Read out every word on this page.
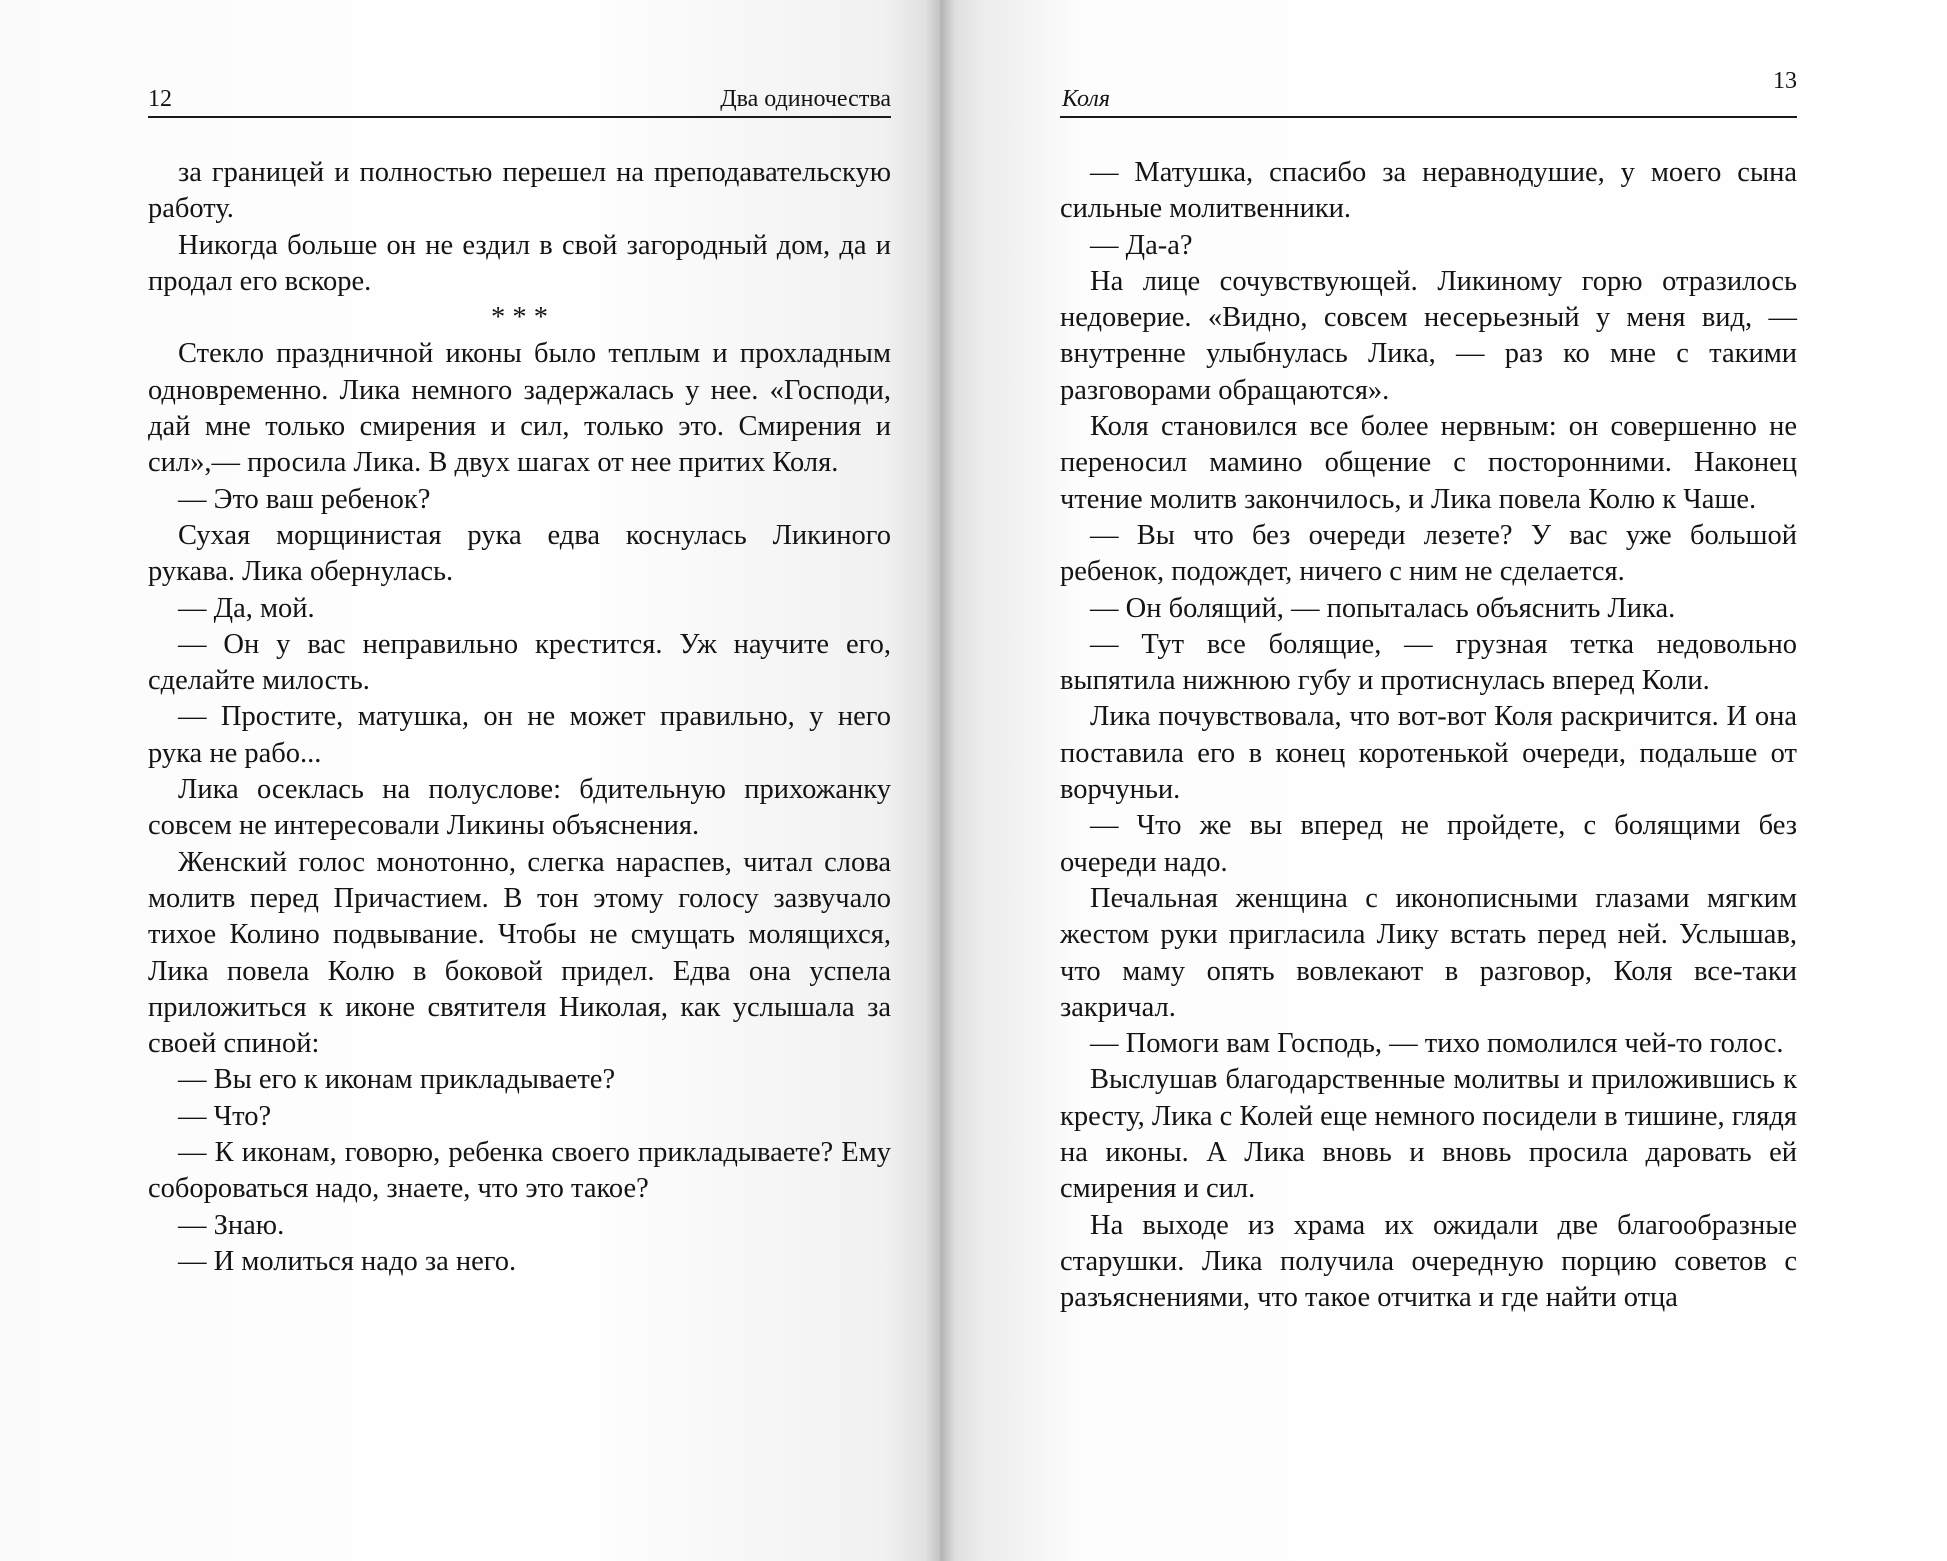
12	Два одиночества

за границей и полностью перешел на преподавательскую работу.

Никогда больше он не ездил в свой загородный дом, да и продал его вскоре.

* * *

Стекло праздничной иконы было теплым и прохладным одновременно. Лика немного задержалась у нее. «Господи, дай мне только смирения и сил, только это. Смирения и сил»,— просила Лика. В двух шагах от нее притих Коля.

— Это ваш ребенок?

Сухая морщинистая рука едва коснулась Ликиного рукава. Лика обернулась.

— Да, мой.

— Он у вас неправильно крестится. Уж научите его, сделайте милость.

— Простите, матушка, он не может правильно, у него рука не рабо...

Лика осеклась на полуслове: бдительную прихожанку совсем не интересовали Ликины объяснения.

Женский голос монотонно, слегка нараспев, читал слова молитв перед Причастием. В тон этому голосу зазвучало тихое Колино подвывание. Чтобы не смущать молящихся, Лика повела Колю в боковой придел. Едва она успела приложиться к иконе святителя Николая, как услышала за своей спиной:

— Вы его к иконам прикладываете?

— Что?

— К иконам, говорю, ребенка своего прикладываете? Ему собороваться надо, знаете, что это такое?

— Знаю.

— И молиться надо за него.

Коля
13

— Матушка, спасибо за неравнодушие, у моего сына сильные молитвенники.

— Да-а?

На лице сочувствующей. Ликиному горю отразилось недоверие. «Видно, совсем несерьезный у меня вид, — внутренне улыбнулась Лика, — раз ко мне с такими разговорами обращаются».

Коля становился все более нервным: он совершенно не переносил мамино общение с посторонними. Наконец чтение молитв закончилось, и Лика повела Колю к Чаше.

— Вы что без очереди лезете? У вас уже большой ребенок, подождет, ничего с ним не сделается.

— Он болящий, — попыталась объяснить Лика.

— Тут все болящие, — грузная тетка недовольно выпятила нижнюю губу и протиснулась вперед Коли.

Лика почувствовала, что вот-вот Коля раскричится. И она поставила его в конец коротенькой очереди, подальше от ворчуньи.

— Что же вы вперед не пройдете, с болящими без очереди надо.

Печальная женщина с иконописными глазами мягким жестом руки пригласила Лику встать перед ней. Услышав, что маму опять вовлекают в разговор, Коля все-таки закричал.

— Помоги вам Господь, — тихо помолился чей-то голос.

Выслушав благодарственные молитвы и приложившись к кресту, Лика с Колей еще немного посидели в тишине, глядя на иконы. А Лика вновь и вновь просила даровать ей смирения и сил.

На выходе из храма их ожидали две благообразные старушки. Лика получила очередную порцию советов с разъяснениями, что такое отчитка и где найти отца
